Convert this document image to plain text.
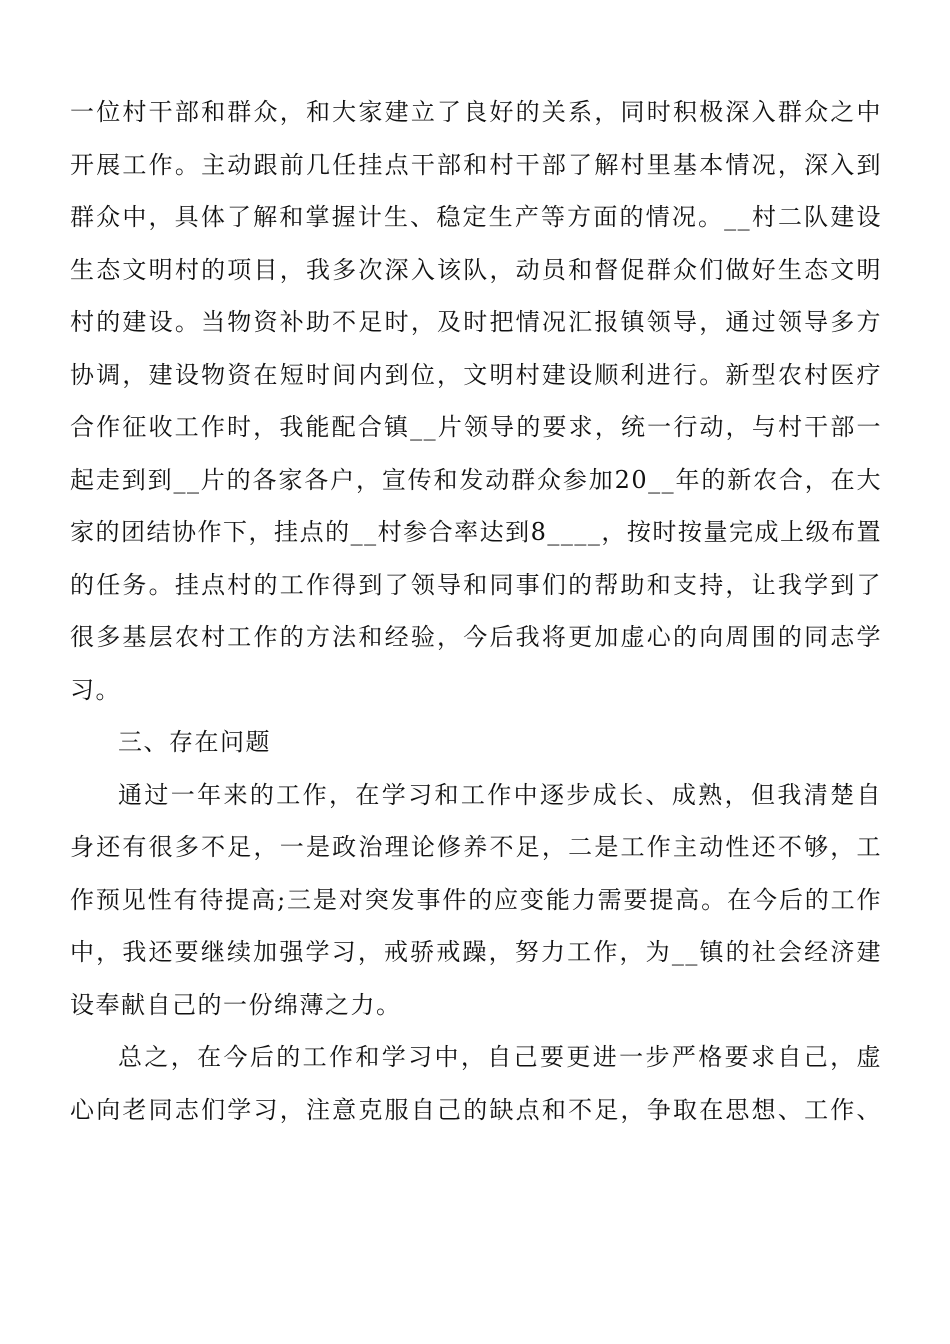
一位村干部和群众，和大家建立了良好的关系，同时积极深入群众之中
开展工作。主动跟前几任挂点干部和村干部了解村里基本情况，深入到
群众中，具体了解和掌握计生、稳定生产等方面的情况。__村二队建设
生态文明村的项目，我多次深入该队，动员和督促群众们做好生态文明
村的建设。当物资补助不足时，及时把情况汇报镇领导，通过领导多方
协调，建设物资在短时间内到位，文明村建设顺利进行。新型农村医疗
合作征收工作时，我能配合镇__片领导的要求，统一行动，与村干部一
起走到到__片的各家各户，宣传和发动群众参加20__年的新农合，在大
家的团结协作下，挂点的__村参合率达到8____，按时按量完成上级布置
的任务。挂点村的工作得到了领导和同事们的帮助和支持，让我学到了
很多基层农村工作的方法和经验，今后我将更加虚心的向周围的同志学
习。
三、存在问题
通过一年来的工作，在学习和工作中逐步成长、成熟，但我清楚自
身还有很多不足，一是政治理论修养不足，二是工作主动性还不够，工
作预见性有待提高;三是对突发事件的应变能力需要提高。在今后的工作
中，我还要继续加强学习，戒骄戒躁，努力工作，为__镇的社会经济建
设奉献自己的一份绵薄之力。
总之，在今后的工作和学习中，自己要更进一步严格要求自己，虚
心向老同志们学习，注意克服自己的缺点和不足，争取在思想、工作、
